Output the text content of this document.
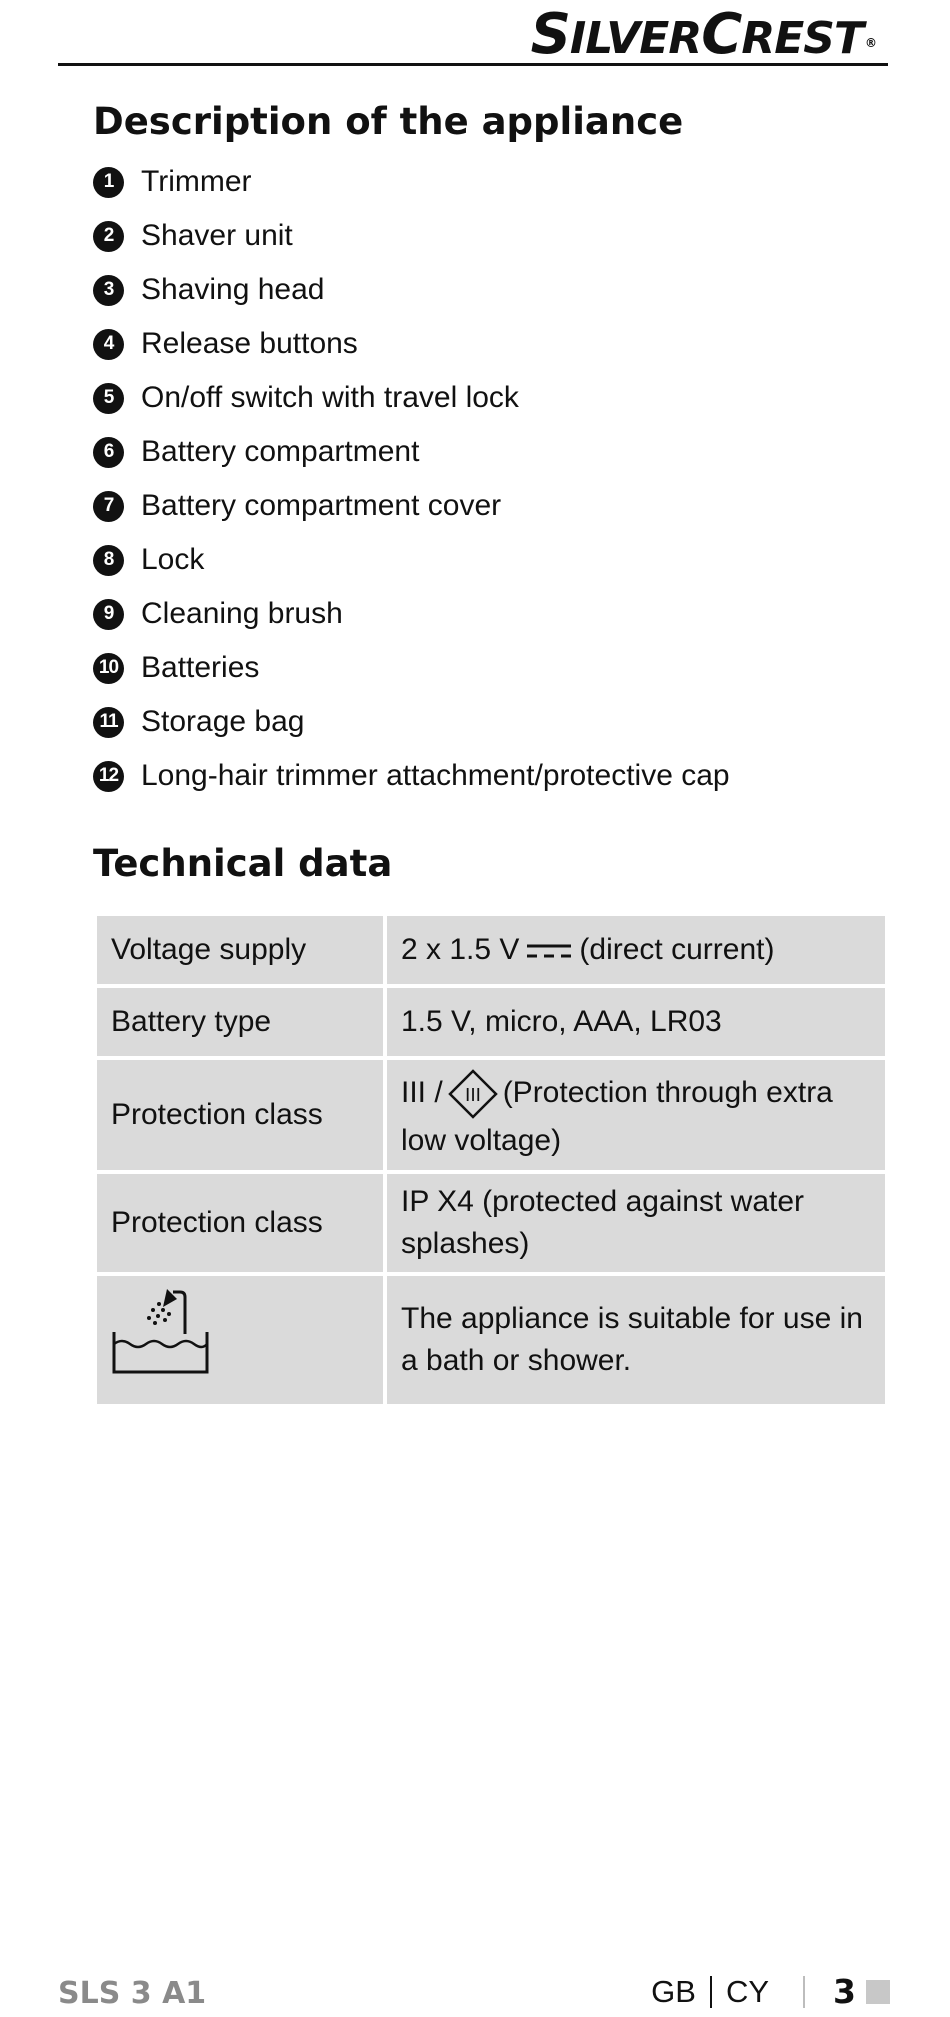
SILVERCREST ®
Description of the appliance
1 Trimmer
2 Shaver unit
3 Shaving head
4 Release buttons
5 On/off switch with travel lock
6 Battery compartment
7 Battery compartment cover
8 Lock
9 Cleaning brush
10 Batteries
11 Storage bag
12 Long-hair trimmer attachment/protective cap
Technical data
Voltage supply	2 x 1.5 V (direct current)
Battery type	1.5 V, micro, AAA, LR03
Protection class	III / III (Protection through extra low voltage)
Protection class	IP X4 (protected against water splashes)
	The appliance is suitable for use in a bath or shower.
SLS 3 A1	GB CY 3
